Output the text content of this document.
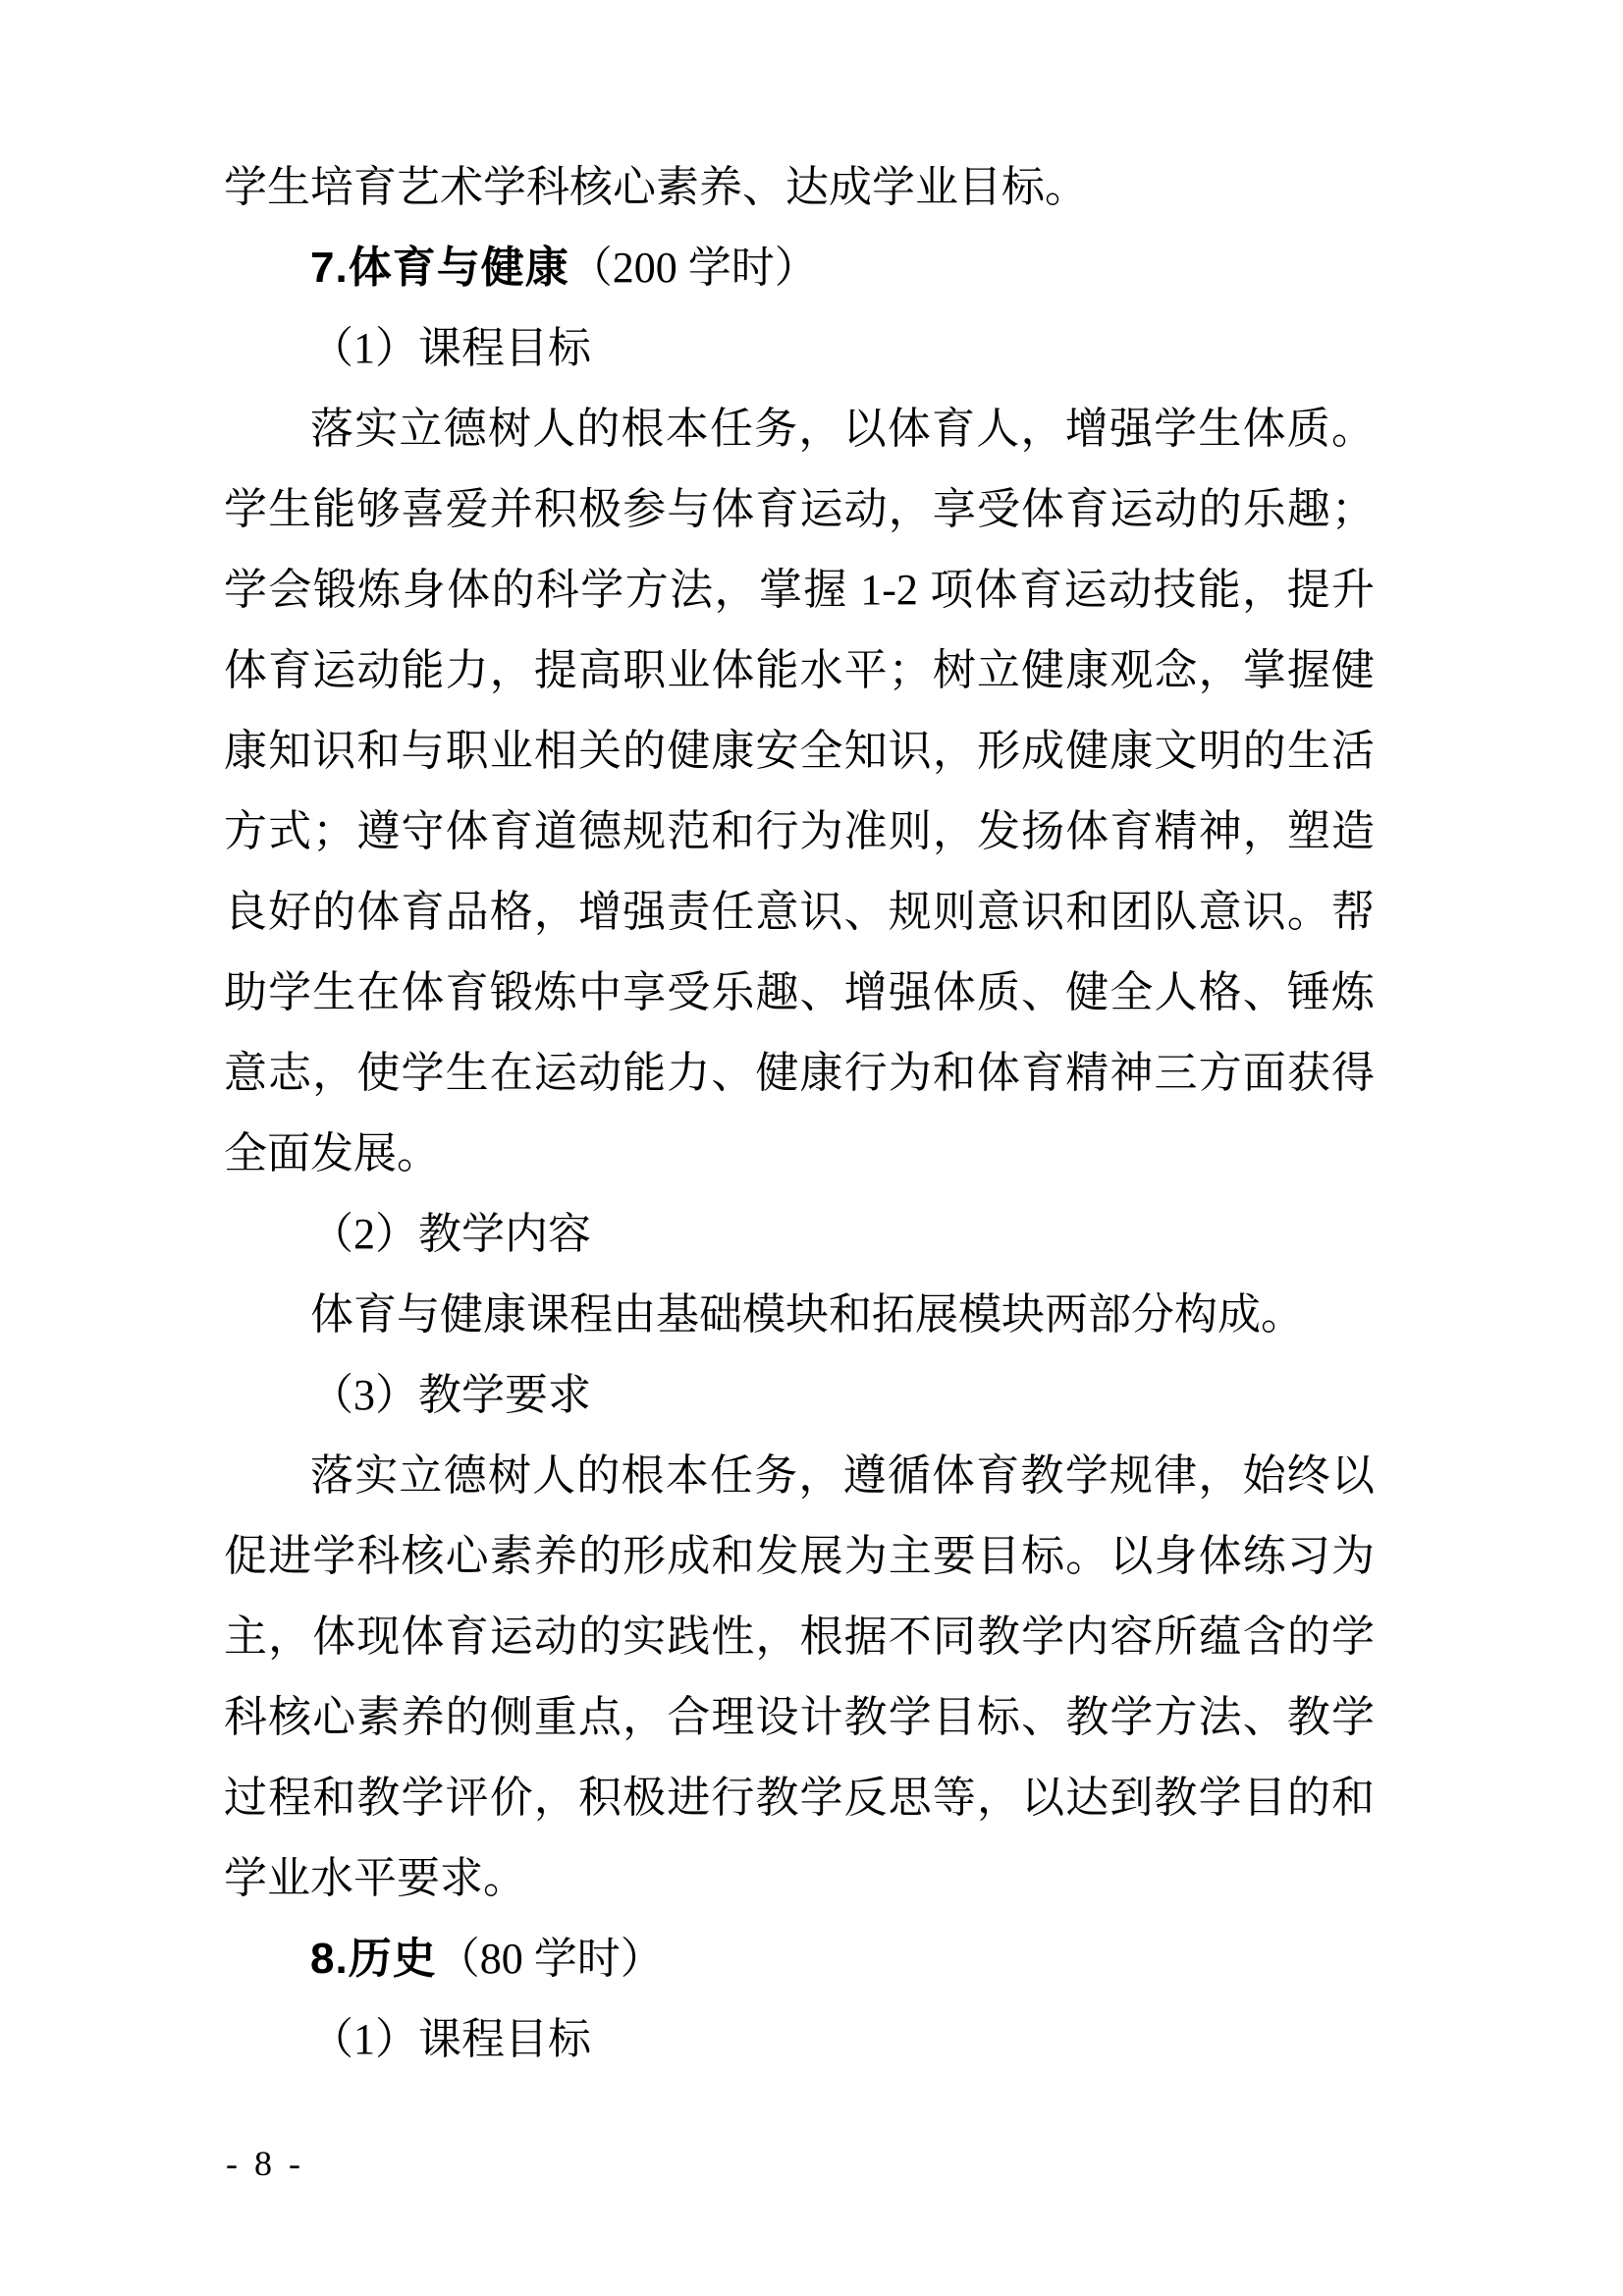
学生培育艺术学科核心素养、达成学业目标。
7.体育与健康（200 学时）
（1）课程目标
落实立德树人的根本任务，以体育人，增强学生体质。
学生能够喜爱并积极参与体育运动，享受体育运动的乐趣；
学会锻炼身体的科学方法，掌握 1-2 项体育运动技能，提升
体育运动能力，提高职业体能水平；树立健康观念，掌握健
康知识和与职业相关的健康安全知识，形成健康文明的生活
方式；遵守体育道德规范和行为准则，发扬体育精神，塑造
良好的体育品格，增强责任意识、规则意识和团队意识。帮
助学生在体育锻炼中享受乐趣、增强体质、健全人格、锤炼
意志，使学生在运动能力、健康行为和体育精神三方面获得
全面发展。
（2）教学内容
体育与健康课程由基础模块和拓展模块两部分构成。
（3）教学要求
落实立德树人的根本任务，遵循体育教学规律，始终以
促进学科核心素养的形成和发展为主要目标。以身体练习为
主，体现体育运动的实践性，根据不同教学内容所蕴含的学
科核心素养的侧重点，合理设计教学目标、教学方法、教学
过程和教学评价，积极进行教学反思等，以达到教学目的和
学业水平要求。
8.历史（80 学时）
（1）课程目标
- 8 -
